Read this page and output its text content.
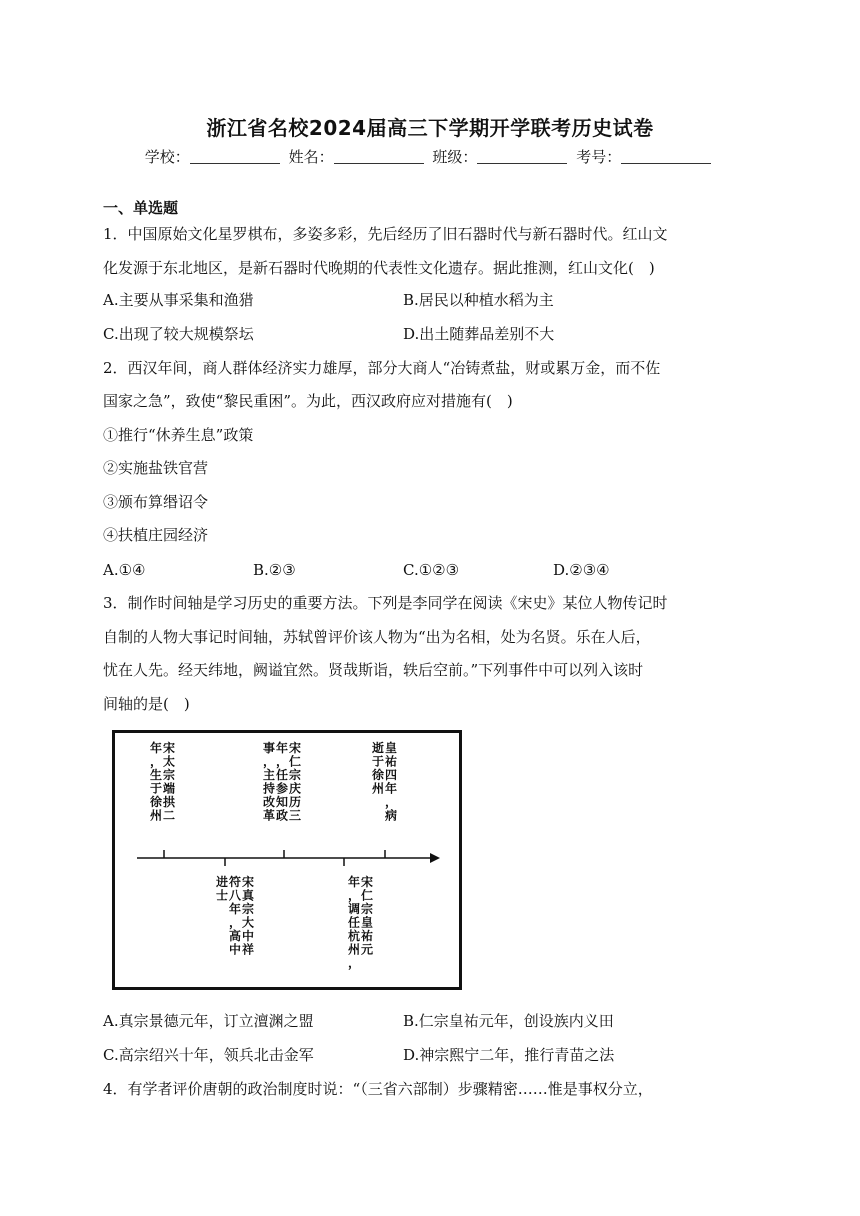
浙江省名校2024届高三下学期开学联考历史试卷
学校：	姓名：	班级：	考号：
一、单选题
1．中国原始文化星罗棋布，多姿多彩，先后经历了旧石器时代与新石器时代。红山文
化发源于东北地区，是新石器时代晚期的代表性文化遗存。据此推测，红山文化(　)
A.主要从事采集和渔猎	B.居民以种植水稻为主
C.出现了较大规模祭坛	D.出土随葬品差别不大
2．西汉年间，商人群体经济实力雄厚，部分大商人“冶铸煮盐，财或累万金，而不佐
国家之急”，致使“黎民重困”。为此，西汉政府应对措施有(　)
①推行“休养生息”政策
②实施盐铁官营
③颁布算缗诏令
④扶植庄园经济
A.①④	B.②③	C.①②③	D.②③④
3．制作时间轴是学习历史的重要方法。下列是李同学在阅读《宋史》某位人物传记时
自制的人物大事记时间轴，苏轼曾评价该人物为“出为名相，处为名贤。乐在人后，
忧在人先。经天纬地，阙谥宜然。贤哉斯诣，轶后空前。”下列事件中可以列入该时
间轴的是(　)
宋太宗端拱二
年，生于徐州
宋仁宗庆历三
年，任参知政
事，主持改革
皇祐四年，病
逝于徐州
宋真宗大中祥
符八年，高中
进士
宋仁宗皇祐元
年，调任杭州，
A.真宗景德元年，订立澶渊之盟	B.仁宗皇祐元年，创设族内义田
C.高宗绍兴十年，领兵北击金军	D.神宗熙宁二年，推行青苗之法
4．有学者评价唐朝的政治制度时说：“（三省六部制）步骤精密……惟是事权分立，
